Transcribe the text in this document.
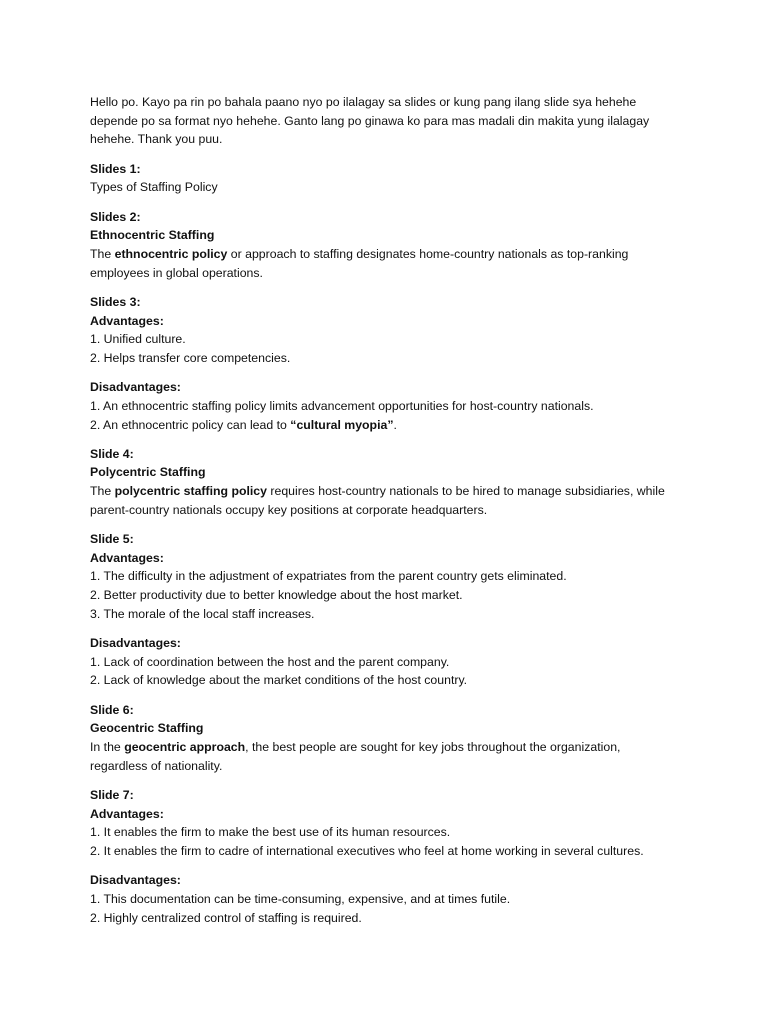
Hello po. Kayo pa rin po bahala paano nyo po ilalagay sa slides or kung pang ilang slide sya hehehe
depende po sa format nyo hehehe. Ganto lang po ginawa ko para mas madali din makita yung ilalagay
hehehe. Thank you puu.
Slides 1:
Types of Staffing Policy
Slides 2:
Ethnocentric Staffing
The ethnocentric policy or approach to staffing designates home-country nationals as top-ranking
employees in global operations.
Slides 3:
Advantages:
1. Unified culture.
2. Helps transfer core competencies.
Disadvantages:
1. An ethnocentric staffing policy limits advancement opportunities for host-country nationals.
2. An ethnocentric policy can lead to “cultural myopia”.
Slide 4:
Polycentric Staffing
The polycentric staffing policy requires host-country nationals to be hired to manage subsidiaries, while
parent-country nationals occupy key positions at corporate headquarters.
Slide 5:
Advantages:
1. The difficulty in the adjustment of expatriates from the parent country gets eliminated.
2. Better productivity due to better knowledge about the host market.
3. The morale of the local staff increases.
Disadvantages:
1. Lack of coordination between the host and the parent company.
2. Lack of knowledge about the market conditions of the host country.
Slide 6:
Geocentric Staffing
In the geocentric approach, the best people are sought for key jobs throughout the organization,
regardless of nationality.
Slide 7:
Advantages:
1. It enables the firm to make the best use of its human resources.
2. It enables the firm to cadre of international executives who feel at home working in several cultures.
Disadvantages:
1. This documentation can be time-consuming, expensive, and at times futile.
2. Highly centralized control of staffing is required.
